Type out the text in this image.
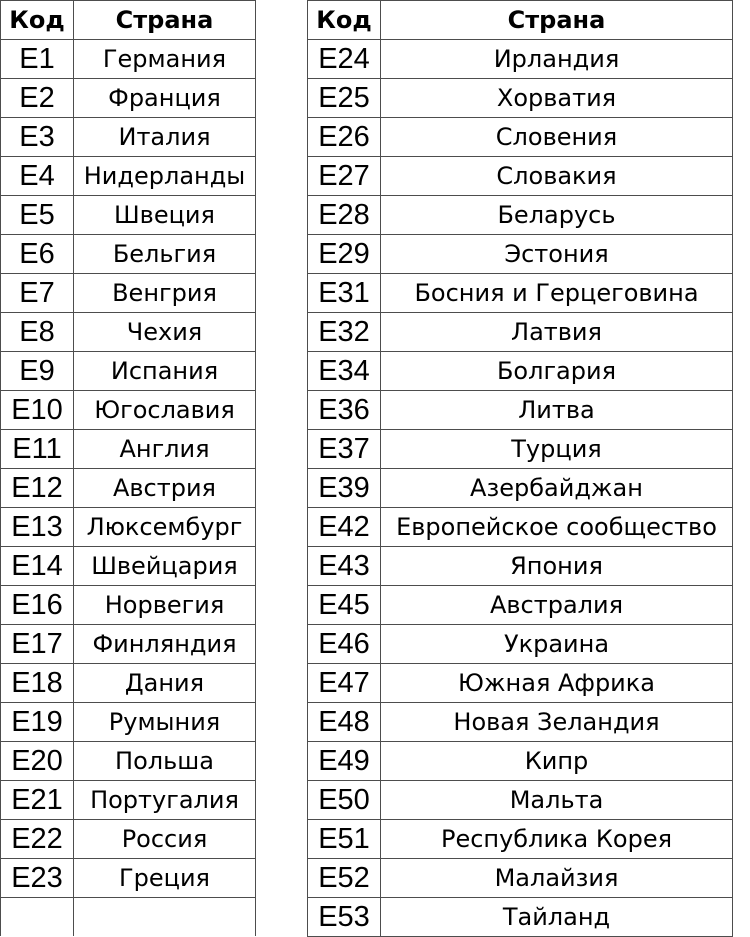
Код	Страна
E1	Германия
E2	Франция
E3	Италия
E4	Нидерланды
E5	Швеция
E6	Бельгия
E7	Венгрия
E8	Чехия
E9	Испания
E10	Югославия
E11	Англия
E12	Австрия
E13	Люксембург
E14	Швейцария
E16	Норвегия
E17	Финляндия
E18	Дания
E19	Румыния
E20	Польша
E21	Португалия
E22	Россия
E23	Греция

Код	Страна
E24	Ирландия
E25	Хорватия
E26	Словения
E27	Словакия
E28	Беларусь
E29	Эстония
E31	Босния и Герцеговина
E32	Латвия
E34	Болгария
E36	Литва
E37	Турция
E39	Азербайджан
E42	Европейское сообщество
E43	Япония
E45	Австралия
E46	Украина
E47	Южная Африка
E48	Новая Зеландия
E49	Кипр
E50	Мальта
E51	Республика Корея
E52	Малайзия
E53	Тайланд
